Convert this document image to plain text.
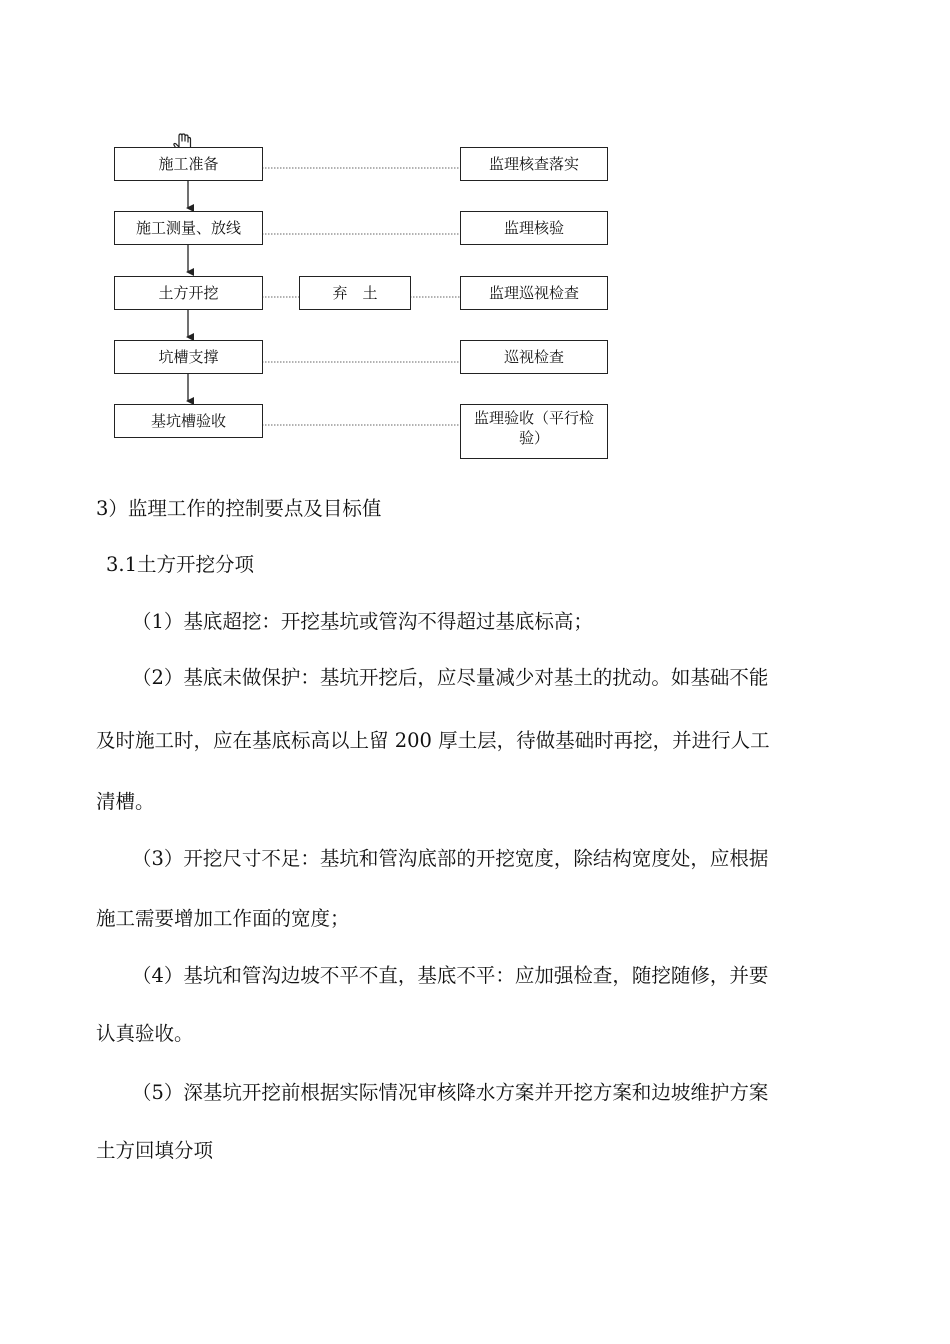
施工准备
施工测量、放线
土方开挖
坑槽支撑
基坑槽验收
弃　土
监理核查落实
监理核验
监理巡视检查
巡视检查
监理验收（平行检验）
3）监理工作的控制要点及目标值
3.1土方开挖分项
（1）基底超挖：开挖基坑或管沟不得超过基底标高；
（2）基底未做保护：基坑开挖后，应尽量减少对基土的扰动。如基础不能
及时施工时，应在基底标高以上留 200 厚土层，待做基础时再挖，并进行人工
清槽。
（3）开挖尺寸不足：基坑和管沟底部的开挖宽度，除结构宽度处，应根据
施工需要增加工作面的宽度；
（4）基坑和管沟边坡不平不直，基底不平：应加强检查，随挖随修，并要
认真验收。
（5）深基坑开挖前根据实际情况审核降水方案并开挖方案和边坡维护方案
土方回填分项
